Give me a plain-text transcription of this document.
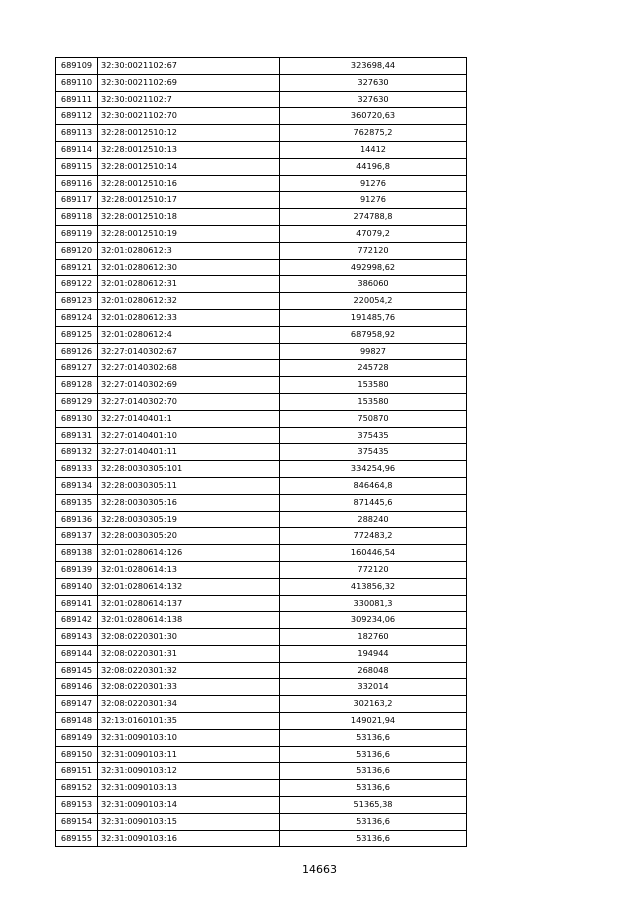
689109	32:30:0021102:67	323698,44
689110	32:30:0021102:69	327630
689111	32:30:0021102:7	327630
689112	32:30:0021102:70	360720,63
689113	32:28:0012510:12	762875,2
689114	32:28:0012510:13	14412
689115	32:28:0012510:14	44196,8
689116	32:28:0012510:16	91276
689117	32:28:0012510:17	91276
689118	32:28:0012510:18	274788,8
689119	32:28:0012510:19	47079,2
689120	32:01:0280612:3	772120
689121	32:01:0280612:30	492998,62
689122	32:01:0280612:31	386060
689123	32:01:0280612:32	220054,2
689124	32:01:0280612:33	191485,76
689125	32:01:0280612:4	687958,92
689126	32:27:0140302:67	99827
689127	32:27:0140302:68	245728
689128	32:27:0140302:69	153580
689129	32:27:0140302:70	153580
689130	32:27:0140401:1	750870
689131	32:27:0140401:10	375435
689132	32:27:0140401:11	375435
689133	32:28:0030305:101	334254,96
689134	32:28:0030305:11	846464,8
689135	32:28:0030305:16	871445,6
689136	32:28:0030305:19	288240
689137	32:28:0030305:20	772483,2
689138	32:01:0280614:126	160446,54
689139	32:01:0280614:13	772120
689140	32:01:0280614:132	413856,32
689141	32:01:0280614:137	330081,3
689142	32:01:0280614:138	309234,06
689143	32:08:0220301:30	182760
689144	32:08:0220301:31	194944
689145	32:08:0220301:32	268048
689146	32:08:0220301:33	332014
689147	32:08:0220301:34	302163,2
689148	32:13:0160101:35	149021,94
689149	32:31:0090103:10	53136,6
689150	32:31:0090103:11	53136,6
689151	32:31:0090103:12	53136,6
689152	32:31:0090103:13	53136,6
689153	32:31:0090103:14	51365,38
689154	32:31:0090103:15	53136,6
689155	32:31:0090103:16	53136,6
14663
